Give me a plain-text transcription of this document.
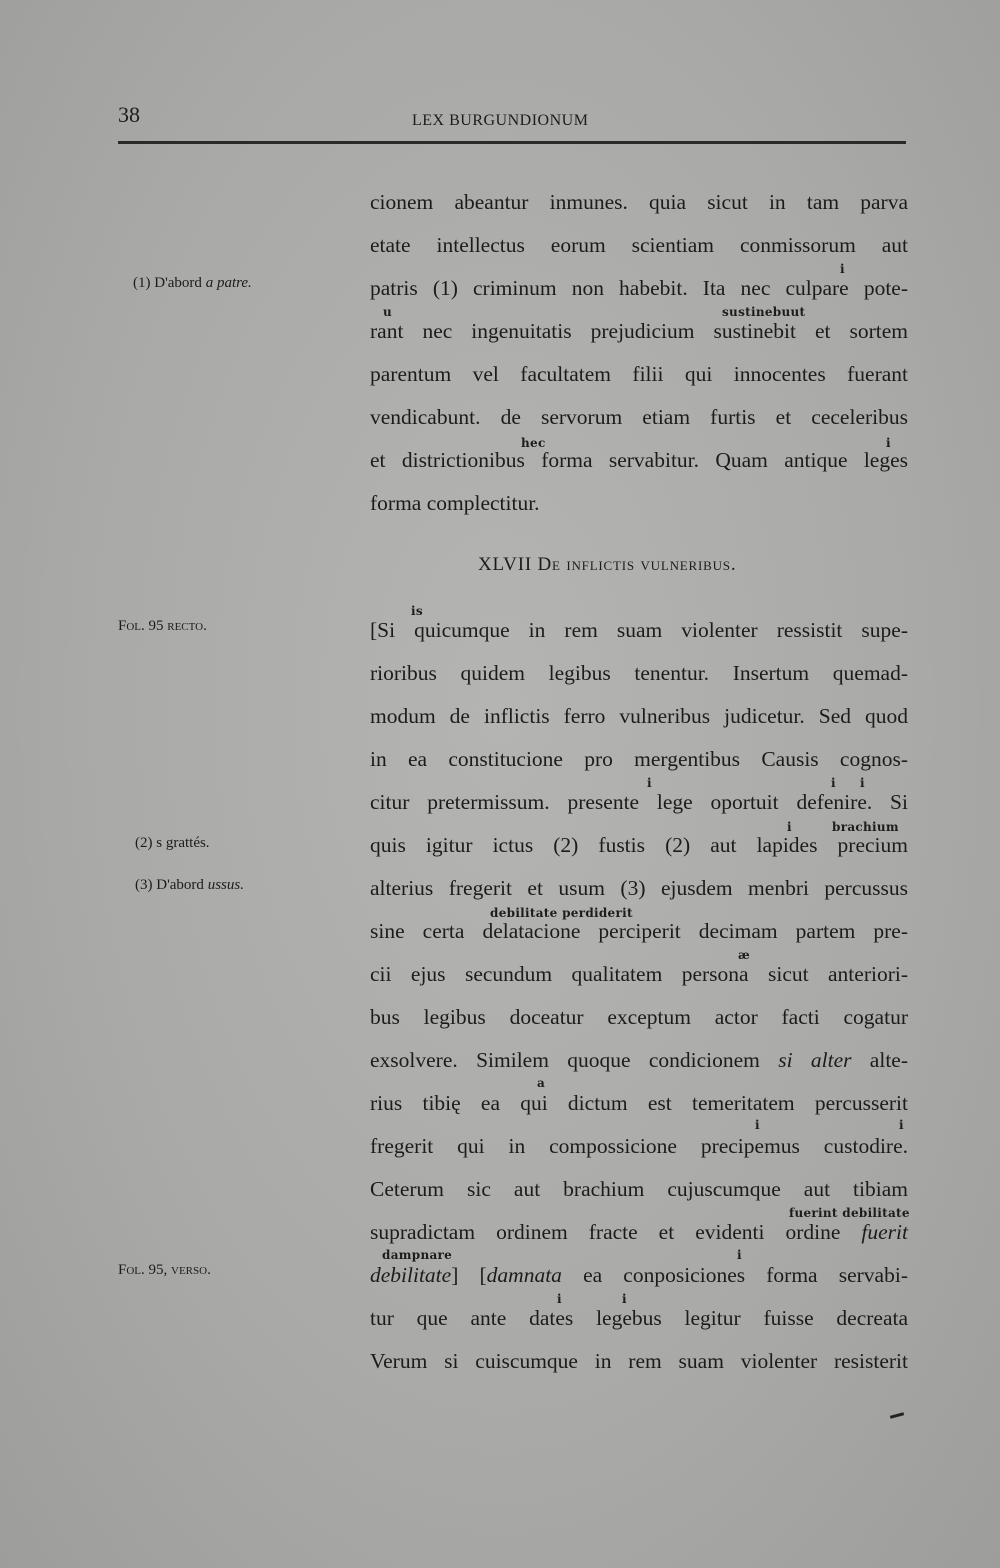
38	LEX BURGUNDIONUM
(1) D'abord a patre.
Fol. 95 recto.
(2) s grattés.
(3) D'abord ussus.
Fol. 95, verso.
i
u	sustinebuut
hec	i
is
i	i i
i	brachium
debilitate perdiderit
æ
a
i	i
fuerint debilitate
dampnare	i
i	i
cionem abeantur inmunes. quia sicut in tam parva
etate intellectus eorum scientiam conmissorum aut
patris (1) criminum non habebit. Ita nec culpare pote-
rant nec ingenuitatis prejudicium sustinebit et sortem
parentum vel facultatem filii qui innocentes fuerant
vendicabunt. de servorum etiam furtis et ceceleribus
et districtionibus forma servabitur. Quam antique leges
forma complectitur.
XLVII De inflictis vulneribus.
[Si quicumque in rem suam violenter ressistit supe-
rioribus quidem legibus tenentur. Insertum quemad-
modum de inflictis ferro vulneribus judicetur. Sed quod
in ea constitucione pro mergentibus Causis cognos-
citur pretermissum. presente lege oportuit defenire. Si
quis igitur ictus (2) fustis (2) aut lapides precium
alterius fregerit et usum (3) ejusdem menbri percussus
sine certa delatacione perciperit decimam partem pre-
cii ejus secundum qualitatem persona sicut anteriori-
bus legibus doceatur exceptum actor facti cogatur
exsolvere. Similem quoque condicionem si alter alte-
rius tibię ea qui dictum est temeritatem percusserit
fregerit qui in compossicione precipemus custodire.
Ceterum sic aut brachium cujuscumque aut tibiam
supradictam ordinem fracte et evidenti ordine fuerit
debilitate] [damnata ea conposiciones forma servabi-
tur que ante dates legebus legitur fuisse decreata
Verum si cuiscumque in rem suam violenter resisterit
